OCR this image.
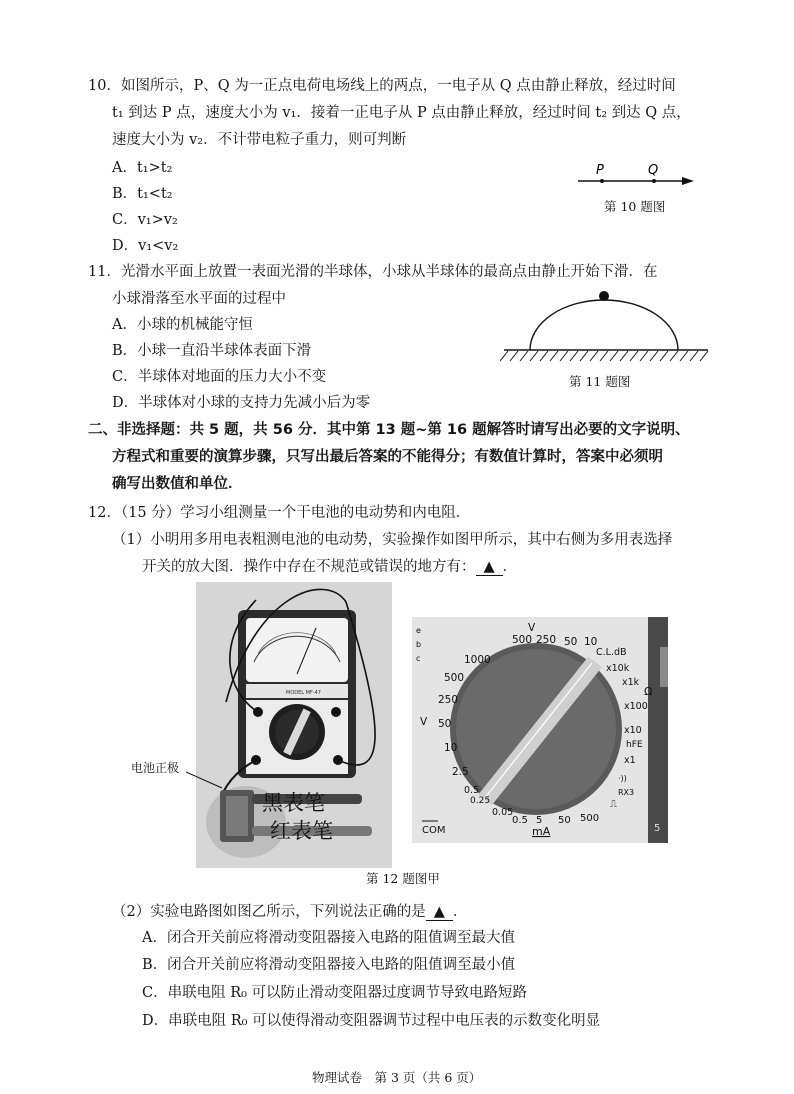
10．如图所示，P、Q 为一正点电荷电场线上的两点，一电子从 Q 点由静止释放，经过时间
t₁ 到达 P 点，速度大小为 v₁．接着一正电子从 P 点由静止释放，经过时间 t₂ 到达 Q 点，
速度大小为 v₂．不计带电粒子重力，则可判断
A．t₁>t₂
B．t₁<t₂
C．v₁>v₂
D．v₁<v₂
P	Q
第 10 题图
11．光滑水平面上放置一表面光滑的半球体，小球从半球体的最高点由静止开始下滑．在
小球滑落至水平面的过程中
A．小球的机械能守恒
B．小球一直沿半球体表面下滑
C．半球体对地面的压力大小不变
D．半球体对小球的支持力先减小后为零
第 11 题图
二、非选择题：共 5 题，共 56 分．其中第 13 题~第 16 题解答时请写出必要的文字说明、
方程式和重要的演算步骤，只写出最后答案的不能得分；有数值计算时，答案中必须明
确写出数值和单位．
12．（15 分）学习小组测量一个干电池的电动势和内电阻．
（1）小明用多用电表粗测电池的电动势，实验操作如图甲所示，其中右侧为多用表选择
开关的放大图．操作中存在不规范或错误的地方有： ▲ ．
MODEL MF-47
黑表笔
红表笔
电池正极
V
500 250 50 10
C.L.dB
1000
500
250
50
10
2.5
0.5
0.25
V
x10k
x1k
Ω
x100
x10
hFE
x1
RX3
·))
⎍
0.05
0.5 5 50 500
mA
COM
e
b
c
5
第 12 题图甲
（2）实验电路图如图乙所示，下列说法正确的是 ▲ ．
A．闭合开关前应将滑动变阻器接入电路的阻值调至最大值
B．闭合开关前应将滑动变阻器接入电路的阻值调至最小值
C．串联电阻 R₀ 可以防止滑动变阻器过度调节导致电路短路
D．串联电阻 R₀ 可以使得滑动变阻器调节过程中电压表的示数变化明显
物理试卷　第 3 页（共 6 页）
